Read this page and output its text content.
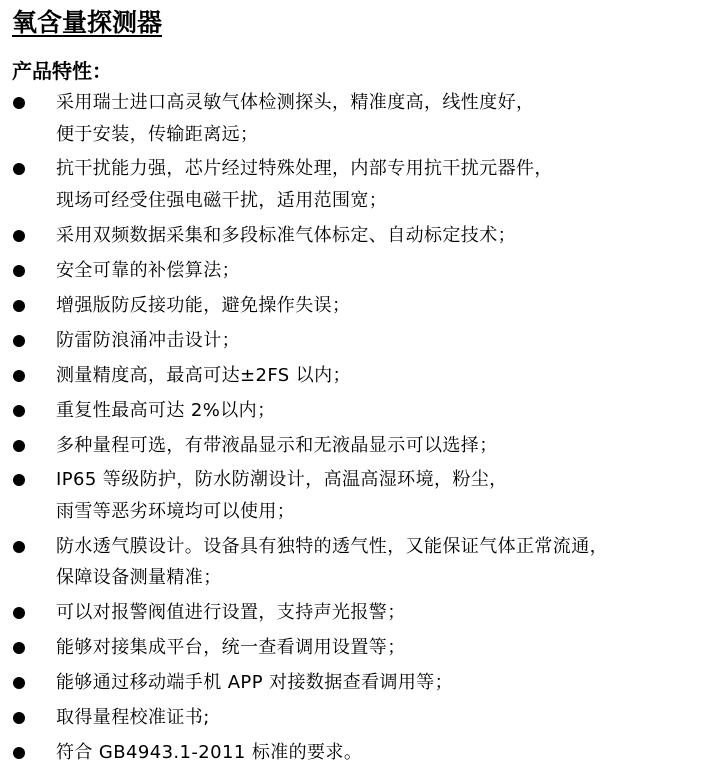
氧含量探测器
产品特性：
采用瑞士进口高灵敏气体检测探头，精准度高，线性度好，
便于安装，传输距离远；
抗干扰能力强，芯片经过特殊处理，内部专用抗干扰元器件，
现场可经受住强电磁干扰，适用范围宽；
采用双频数据采集和多段标准气体标定、自动标定技术；
安全可靠的补偿算法；
增强版防反接功能，避免操作失误；
防雷防浪涌冲击设计；
测量精度高，最高可达±2FS 以内；
重复性最高可达 2%以内；
多种量程可选，有带液晶显示和无液晶显示可以选择；
IP65 等级防护，防水防潮设计，高温高湿环境，粉尘，
雨雪等恶劣环境均可以使用；
防水透气膜设计。设备具有独特的透气性，又能保证气体正常流通，
保障设备测量精准；
可以对报警阀值进行设置，支持声光报警；
能够对接集成平台，统一查看调用设置等；
能够通过移动端手机 APP 对接数据查看调用等；
取得量程校准证书;
符合 GB4943.1-2011 标准的要求。
